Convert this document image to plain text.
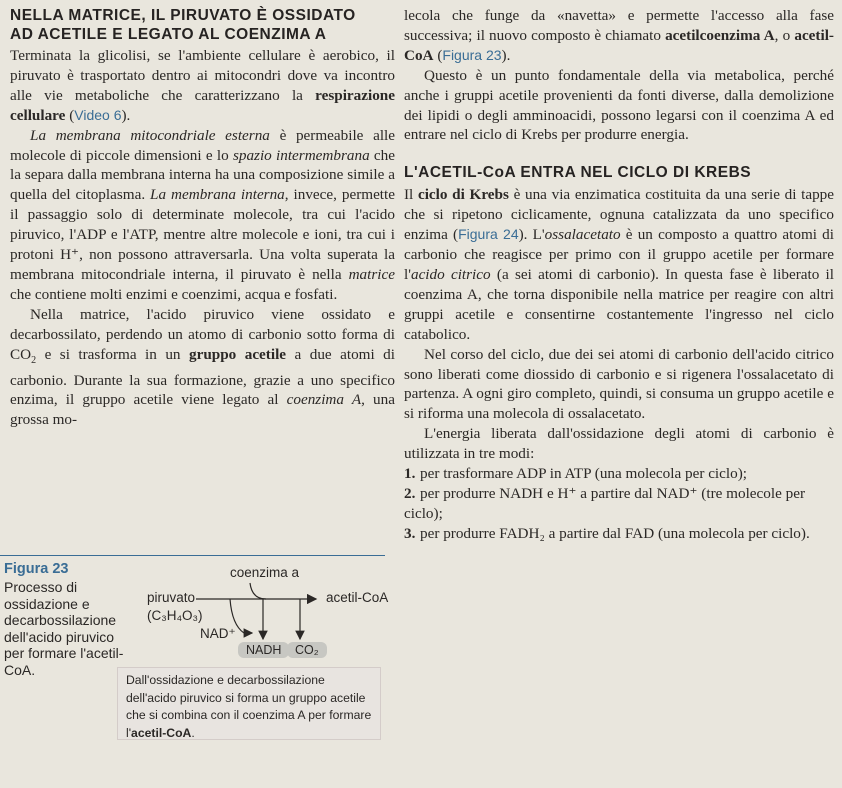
NELLA MATRICE, IL PIRUVATO È OSSIDATO
AD ACETILE E LEGATO AL COENZIMA A

Terminata la glicolisi, se l'ambiente cellulare è aerobico, il piruvato è trasportato dentro ai mitocondri dove va incontro alle vie metaboliche che caratterizzano la respirazione cellulare (Video 6).

La membrana mitocondriale esterna è permeabile alle molecole di piccole dimensioni e lo spazio intermembrana che la separa dalla membrana interna ha una composizione simile a quella del citoplasma. La membrana interna, invece, permette il passaggio solo di determinate molecole, tra cui l'acido piruvico, l'ADP e l'ATP, mentre altre molecole e ioni, tra cui i protoni H⁺, non possono attraversarla. Una volta superata la membrana mitocondriale interna, il piruvato è nella matrice che contiene molti enzimi e coenzimi, acqua e fosfati.

Nella matrice, l'acido piruvico viene ossidato e decarbossilato, perdendo un atomo di carbonio sotto forma di $CO_2$ e si trasforma in un gruppo acetile a due atomi di carbonio. Durante la sua formazione, grazie a uno specifico enzima, il gruppo acetile viene legato al coenzima A, una grossa mo-

Figura 23
Processo di ossidazione e decarbossilazione dell'acido piruvico per formare l'acetil-CoA.
coenzima a
piruvato
(C₃H₄O₃)
acetil-CoA
NAD⁺
NADH	CO₂
Dall'ossidazione e decarbossilazione dell'acido piruvico si forma un gruppo acetile che si combina con il coenzima A per formare l'acetil-CoA.

lecola che funge da «navetta» e permette l'accesso alla fase successiva; il nuovo composto è chiamato acetilcoenzima A, o acetil-CoA (Figura 23).

Questo è un punto fondamentale della via metabolica, perché anche i gruppi acetile provenienti da fonti diverse, dalla demolizione dei lipidi o degli amminoacidi, possono legarsi con il coenzima A ed entrare nel ciclo di Krebs per produrre energia.

L'ACETIL-CoA ENTRA NEL CICLO DI KREBS

Il ciclo di Krebs è una via enzimatica costituita da una serie di tappe che si ripetono ciclicamente, ognuna catalizzata da uno specifico enzima (Figura 24). L'ossalacetato è un composto a quattro atomi di carbonio che reagisce per primo con il gruppo acetile per formare l'acido citrico (a sei atomi di carbonio). In questa fase è liberato il coenzima A, che torna disponibile nella matrice per reagire con altri gruppi acetile e consentirne costantemente l'ingresso nel ciclo catabolico.

Nel corso del ciclo, due dei sei atomi di carbonio dell'acido citrico sono liberati come diossido di carbonio e si rigenera l'ossalacetato di partenza. A ogni giro completo, quindi, si consuma un gruppo acetile e si riforma una molecola di ossalacetato.

L'energia liberata dall'ossidazione degli atomi di carbonio è utilizzata in tre modi:

1. per trasformare ADP in ATP (una molecola per ciclo);
2. per produrre NADH e H⁺ a partire dal NAD⁺ (tre molecole per ciclo);
3. per produrre FADH₂ a partire dal FAD (una molecola per ciclo).
